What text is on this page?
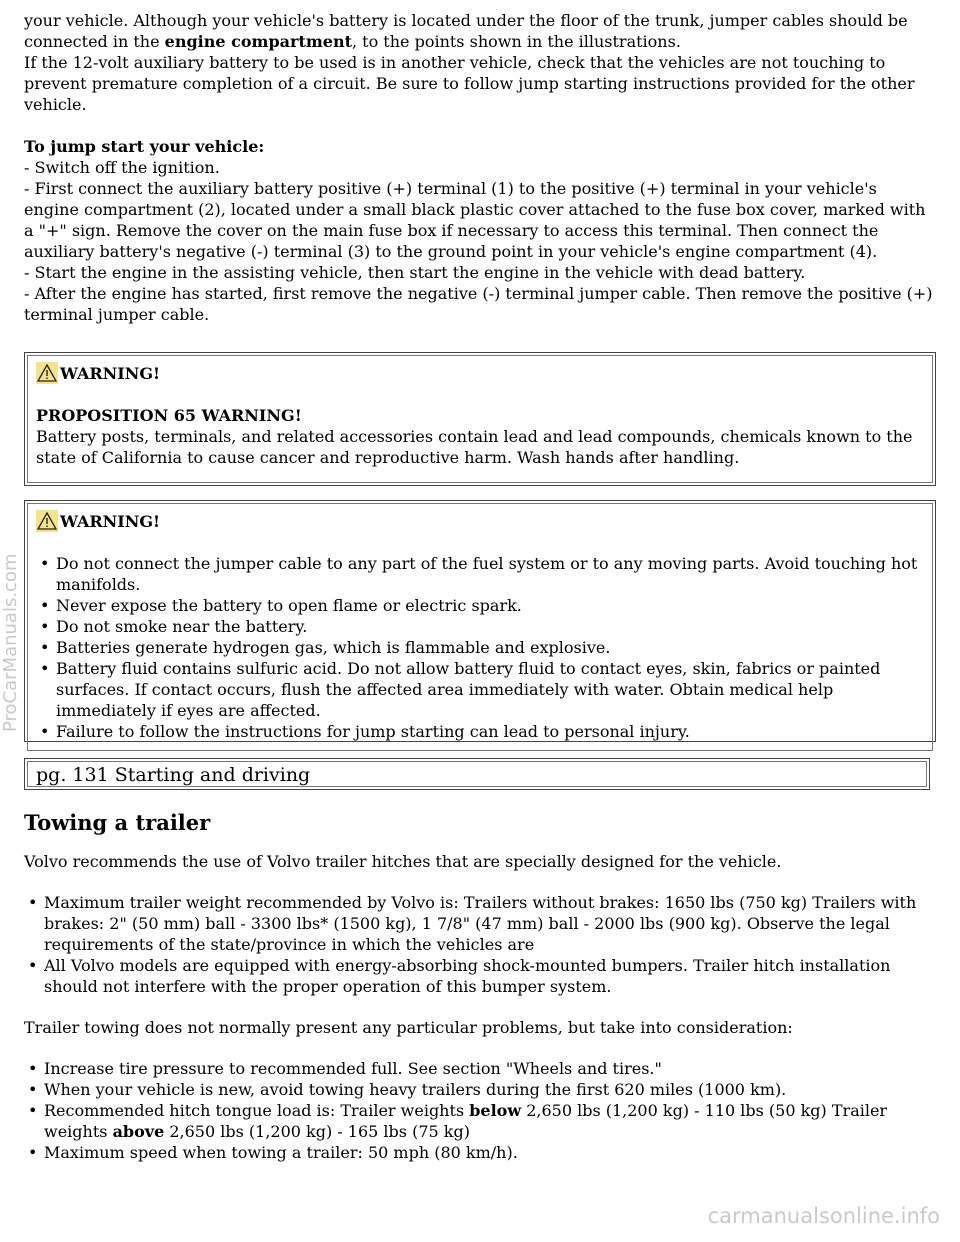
your vehicle. Although your vehicle's battery is located under the floor of the trunk, jumper cables should be connected in the engine compartment, to the points shown in the illustrations.

If the 12-volt auxiliary battery to be used is in another vehicle, check that the vehicles are not touching to prevent premature completion of a circuit. Be sure to follow jump starting instructions provided for the other vehicle.

To jump start your vehicle:

- Switch off the ignition.

- First connect the auxiliary battery positive (+) terminal (1) to the positive (+) terminal in your vehicle's engine compartment (2), located under a small black plastic cover attached to the fuse box cover, marked with a "+" sign. Remove the cover on the main fuse box if necessary to access this terminal. Then connect the auxiliary battery's negative (-) terminal (3) to the ground point in your vehicle's engine compartment (4).

- Start the engine in the assisting vehicle, then start the engine in the vehicle with dead battery.

- After the engine has started, first remove the negative (-) terminal jumper cable. Then remove the positive (+) terminal jumper cable.

WARNING!

PROPOSITION 65 WARNING!

Battery posts, terminals, and related accessories contain lead and lead compounds, chemicals known to the state of California to cause cancer and reproductive harm. Wash hands after handling.

WARNING!
• Do not connect the jumper cable to any part of the fuel system or to any moving parts. Avoid touching hot manifolds.
• Never expose the battery to open flame or electric spark.
• Do not smoke near the battery.
• Batteries generate hydrogen gas, which is flammable and explosive.
• Battery fluid contains sulfuric acid. Do not allow battery fluid to contact eyes, skin, fabrics or painted surfaces. If contact occurs, flush the affected area immediately with water. Obtain medical help immediately if eyes are affected.
• Failure to follow the instructions for jump starting can lead to personal injury.
pg. 131 Starting and driving
Towing a trailer

Volvo recommends the use of Volvo trailer hitches that are specially designed for the vehicle.

• Maximum trailer weight recommended by Volvo is: Trailers without brakes: 1650 lbs (750 kg) Trailers with brakes: 2" (50 mm) ball - 3300 lbs* (1500 kg), 1 7/8" (47 mm) ball - 2000 lbs (900 kg). Observe the legal requirements of the state/province in which the vehicles are
• All Volvo models are equipped with energy-absorbing shock-mounted bumpers. Trailer hitch installation should not interfere with the proper operation of this bumper system.

Trailer towing does not normally present any particular problems, but take into consideration:

• Increase tire pressure to recommended full. See section "Wheels and tires."
• When your vehicle is new, avoid towing heavy trailers during the first 620 miles (1000 km).
• Recommended hitch tongue load is: Trailer weights below 2,650 lbs (1,200 kg) - 110 lbs (50 kg) Trailer weights above 2,650 lbs (1,200 kg) - 165 lbs (75 kg)
• Maximum speed when towing a trailer: 50 mph (80 km/h).
ProCarManuals.com
carmanualsonline.info
